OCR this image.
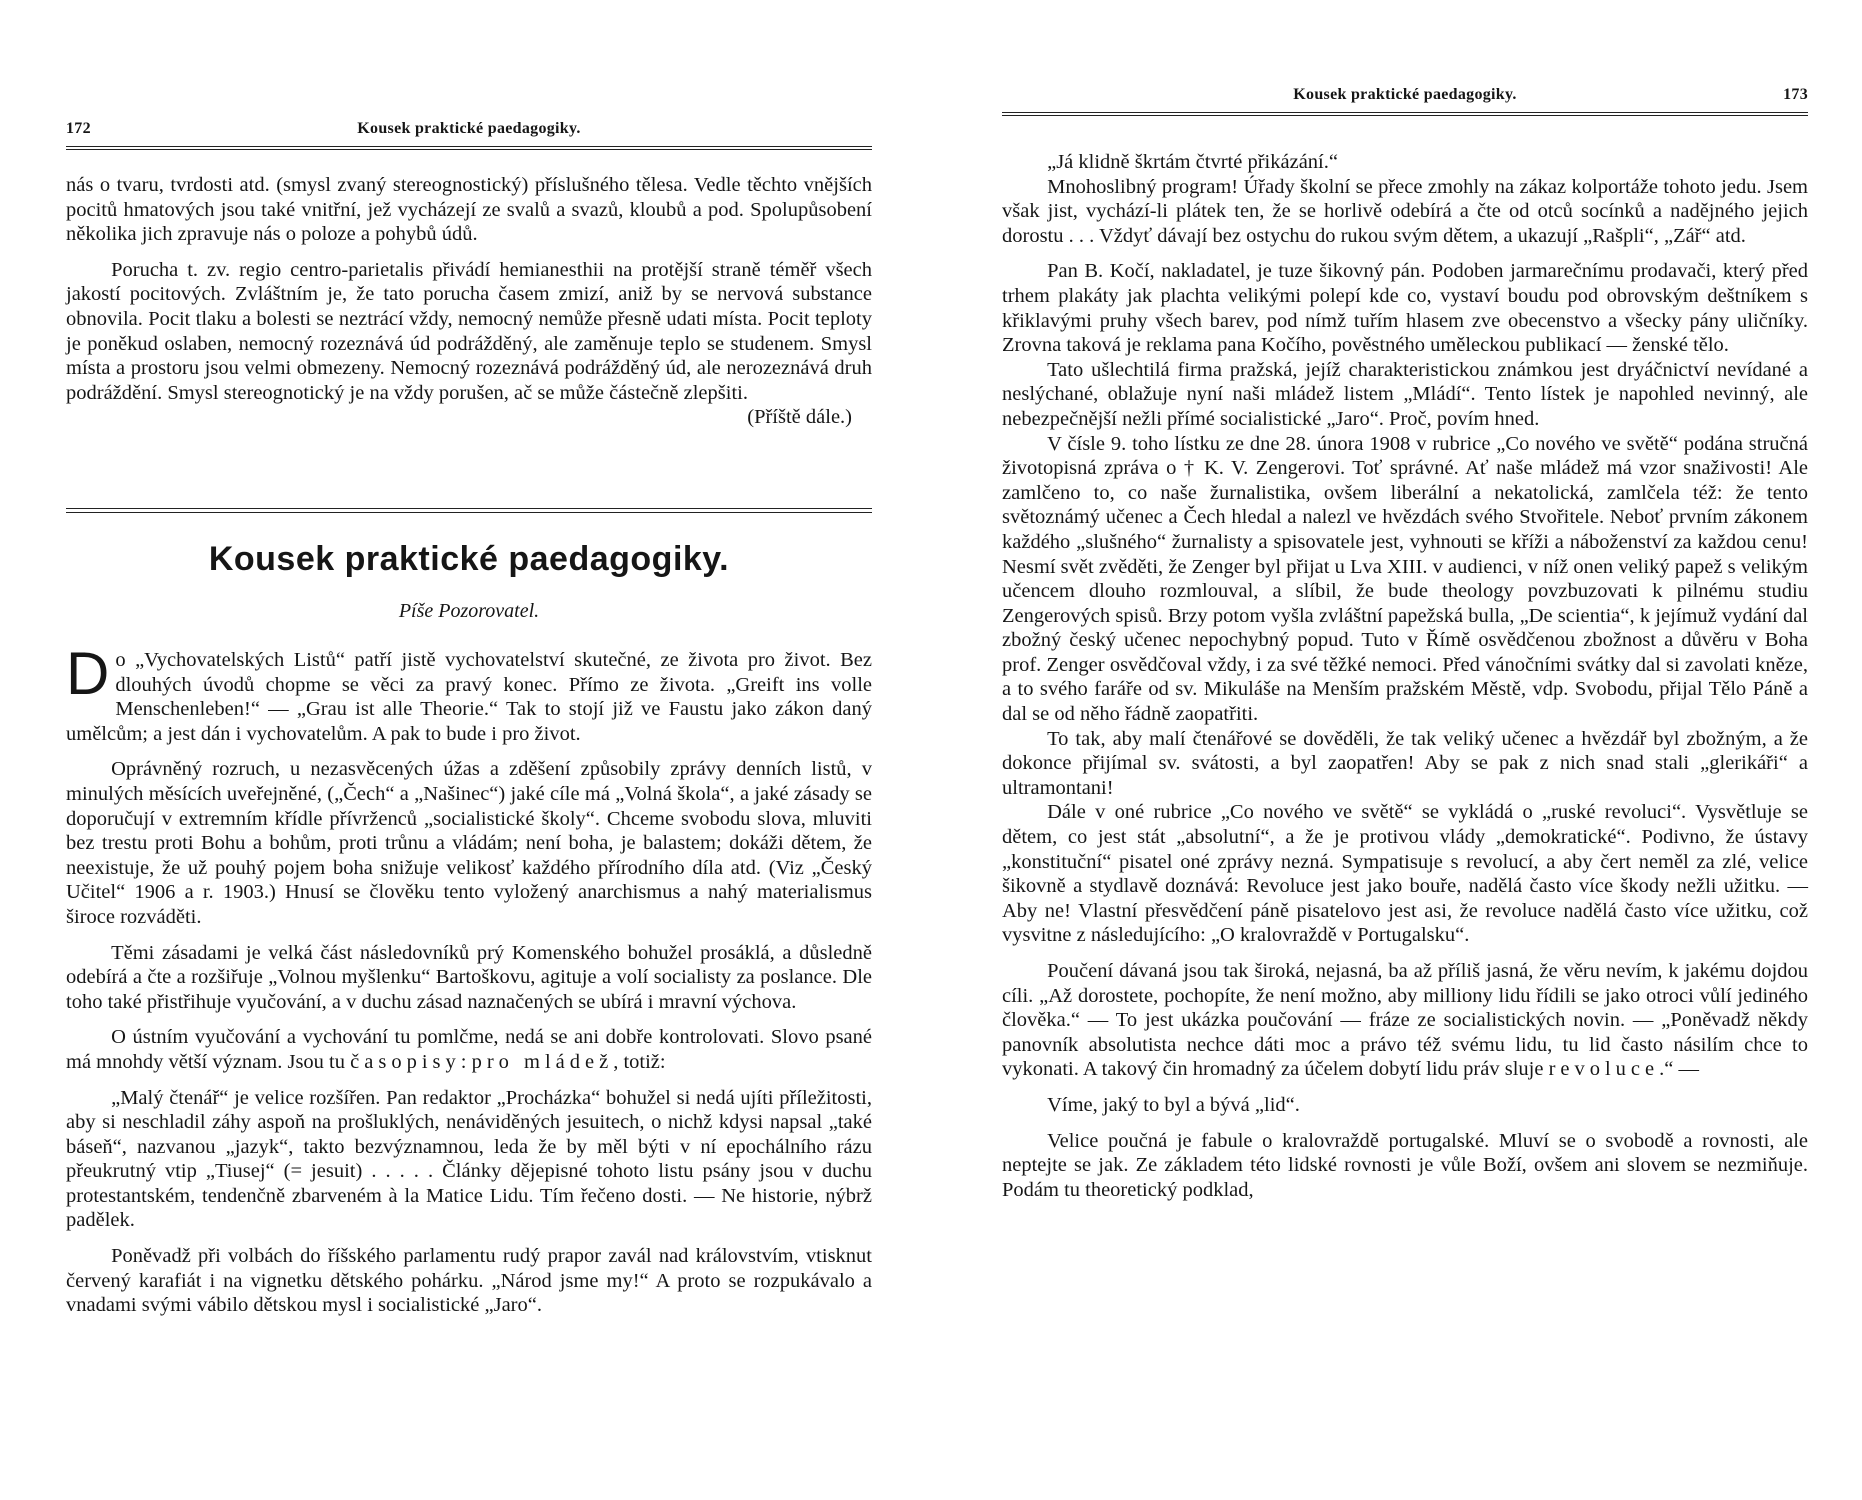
172	Kousek praktické paedagogiky.

nás o tvaru, tvrdosti atd. (smysl zvaný stereognostický) příslušného tělesa. Vedle těchto vnějších pocitů hmatových jsou také vnitřní, jež vycházejí ze svalů a svazů, kloubů a pod. Spolupůsobení několika jich zpravuje nás o poloze a pohybů údů.

Porucha t. zv. regio centro-parietalis přivádí hemianesthii na protější straně téměř všech jakostí pocitových. Zvláštním je, že tato porucha časem zmizí, aniž by se nervová substance obnovila. Pocit tlaku a bolesti se neztrácí vždy, nemocný nemůže přesně udati místa. Pocit teploty je poněkud oslaben, nemocný rozeznává úd podrážděný, ale zaměnuje teplo se studenem. Smysl místa a prostoru jsou velmi obmezeny. Nemocný rozeznává podrážděný úd, ale nerozeznává druh podráždění. Smysl stereognotický je na vždy porušen, ač se může částečně zlepšiti.
(Příště dále.)

Kousek praktické paedagogiky.
Píše Pozorovatel.

Do „Vychovatelských Listů“ patří jistě vychovatelství skutečné, ze života pro život. Bez dlouhých úvodů chopme se věci za pravý konec. Přímo ze života. „Greift ins volle Menschenleben!“ — „Grau ist alle Theorie.“ Tak to stojí již ve Faustu jako zákon daný umělcům; a jest dán i vychovatelům. A pak to bude i pro život.

Oprávněný rozruch, u nezasvěcených úžas a zděšení způsobily zprávy denních listů, v minulých měsících uveřejněné, („Čech“ a „Našinec“) jaké cíle má „Volná škola“, a jaké zásady se doporučují v extremním křídle přívrženců „socialistické školy“. Chceme svobodu slova, mluviti bez trestu proti Bohu a bohům, proti trůnu a vládám; není boha, je balastem; dokáži dětem, že neexistuje, že už pouhý pojem boha snižuje velikosť každého přírodního díla atd. (Viz „Český Učitel“ 1906 a r. 1903.) Hnusí se člověku tento vyložený anarchismus a nahý materialismus široce rozváděti.

Těmi zásadami je velká část následovníků prý Komenského bohužel prosáklá, a důsledně odebírá a čte a rozšiřuje „Volnou myšlenku“ Bartoškovu, agituje a volí socialisty za poslance. Dle toho také přistřihuje vyučování, a v duchu zásad naznačených se ubírá i mravní výchova.

O ústním vyučování a vychování tu pomlčme, nedá se ani dobře kontrolovati. Slovo psané má mnohdy větší význam. Jsou tu časopisy: pro mládež, totiž:

„Malý čtenář“ je velice rozšířen. Pan redaktor „Procházka“ bohužel si nedá ujíti příležitosti, aby si neschladil záhy aspoň na prošluklých, nenáviděných jesuitech, o nichž kdysi napsal „také báseň“, nazvanou „jazyk“, takto bezvýznamnou, leda že by měl býti v ní epochálního rázu přeukrutný vtip „Tiusej“ (= jesuit) . . . . . Články dějepisné tohoto listu psány jsou v duchu protestantském, tendenčně zbarveném à la Matice Lidu. Tím řečeno dosti. — Ne historie, nýbrž padělek.

Poněvadž při volbách do říšského parlamentu rudý prapor zavál nad královstvím, vtisknut červený karafiát i na vignetku dětského pohárku. „Národ jsme my!“ A proto se rozpukávalo a vnadami svými vábilo dětskou mysl i socialistické „Jaro“.

Kousek praktické paedagogiky.	173

„Já klidně škrtám čtvrté přikázání.“

Mnohoslibný program! Úřady školní se přece zmohly na zákaz kolportáže tohoto jedu. Jsem však jist, vychází-li plátek ten, že se horlivě odebírá a čte od otců socínků a nadějného jejich dorostu . . . Vždyť dávají bez ostychu do rukou svým dětem, a ukazují „Rašpli“, „Zář“ atd.

Pan B. Kočí, nakladatel, je tuze šikovný pán. Podoben jarmarečnímu prodavači, který před trhem plakáty jak plachta velikými polepí kde co, vystaví boudu pod obrovským deštníkem s křiklavými pruhy všech barev, pod nímž tuřím hlasem zve obecenstvo a všecky pány uličníky. Zrovna taková je reklama pana Kočího, pověstného uměleckou publikací — ženské tělo.

Tato ušlechtilá firma pražská, jejíž charakteristickou známkou jest dryáčnictví nevídané a neslýchané, oblažuje nyní naši mládež listem „Mládí“. Tento lístek je napohled nevinný, ale nebezpečnější nežli přímé socialistické „Jaro“. Proč, povím hned.

V čísle 9. toho lístku ze dne 28. února 1908 v rubrice „Co nového ve světě“ podána stručná životopisná zpráva o † K. V. Zengerovi. Toť správné. Ať naše mládež má vzor snaživosti! Ale zamlčeno to, co naše žurnalistika, ovšem liberální a nekatolická, zamlčela též: že tento světoznámý učenec a Čech hledal a nalezl ve hvězdách svého Stvořitele. Neboť prvním zákonem každého „slušného“ žurnalisty a spisovatele jest, vyhnouti se kříži a náboženství za každou cenu! Nesmí svět zvěděti, že Zenger byl přijat u Lva XIII. v audienci, v níž onen veliký papež s velikým učencem dlouho rozmlouval, a slíbil, že bude theology povzbuzovati k pilnému studiu Zengerových spisů. Brzy potom vyšla zvláštní papežská bulla, „De scientia“, k jejímuž vydání dal zbožný český učenec nepochybný popud. Tuto v Římě osvědčenou zbožnost a důvěru v Boha prof. Zenger osvědčoval vždy, i za své těžké nemoci. Před vánočními svátky dal si zavolati kněze, a to svého faráře od sv. Mikuláše na Menším pražském Městě, vdp. Svobodu, přijal Tělo Páně a dal se od něho řádně zaopatřiti.

To tak, aby malí čtenářové se dověděli, že tak veliký učenec a hvězdář byl zbožným, a že dokonce přijímal sv. svátosti, a byl zaopatřen! Aby se pak z nich snad stali „glerikáři“ a ultramontani!

Dále v oné rubrice „Co nového ve světě“ se vykládá o „ruské revoluci“. Vysvětluje se dětem, co jest stát „absolutní“, a že je protivou vlády „demokratické“. Podivno, že ústavy „konstituční“ pisatel oné zprávy nezná. Sympatisuje s revolucí, a aby čert neměl za zlé, velice šikovně a stydlavě doznává: Revoluce jest jako bouře, nadělá často více škody nežli užitku. — Aby ne! Vlastní přesvědčení páně pisatelovo jest asi, že revoluce nadělá často více užitku, což vysvitne z následujícího: „O kralovraždě v Portugalsku“.

Poučení dávaná jsou tak široká, nejasná, ba až příliš jasná, že věru nevím, k jakému dojdou cíli. „Až dorostete, pochopíte, že není možno, aby milliony lidu řídili se jako otroci vůlí jediného člověka.“ — To jest ukázka poučování — fráze ze socialistických novin. — „Poněvadž někdy panovník absolutista nechce dáti moc a právo též svému lidu, tu lid často násilím chce to vykonati. A takový čin hromadný za účelem dobytí lidu práv sluje revoluce.“ —

Víme, jaký to byl a bývá „lid“.

Velice poučná je fabule o kralovraždě portugalské. Mluví se o svobodě a rovnosti, ale neptejte se jak. Ze základem této lidské rovnosti je vůle Boží, ovšem ani slovem se nezmiňuje. Podám tu theoretický podklad,
